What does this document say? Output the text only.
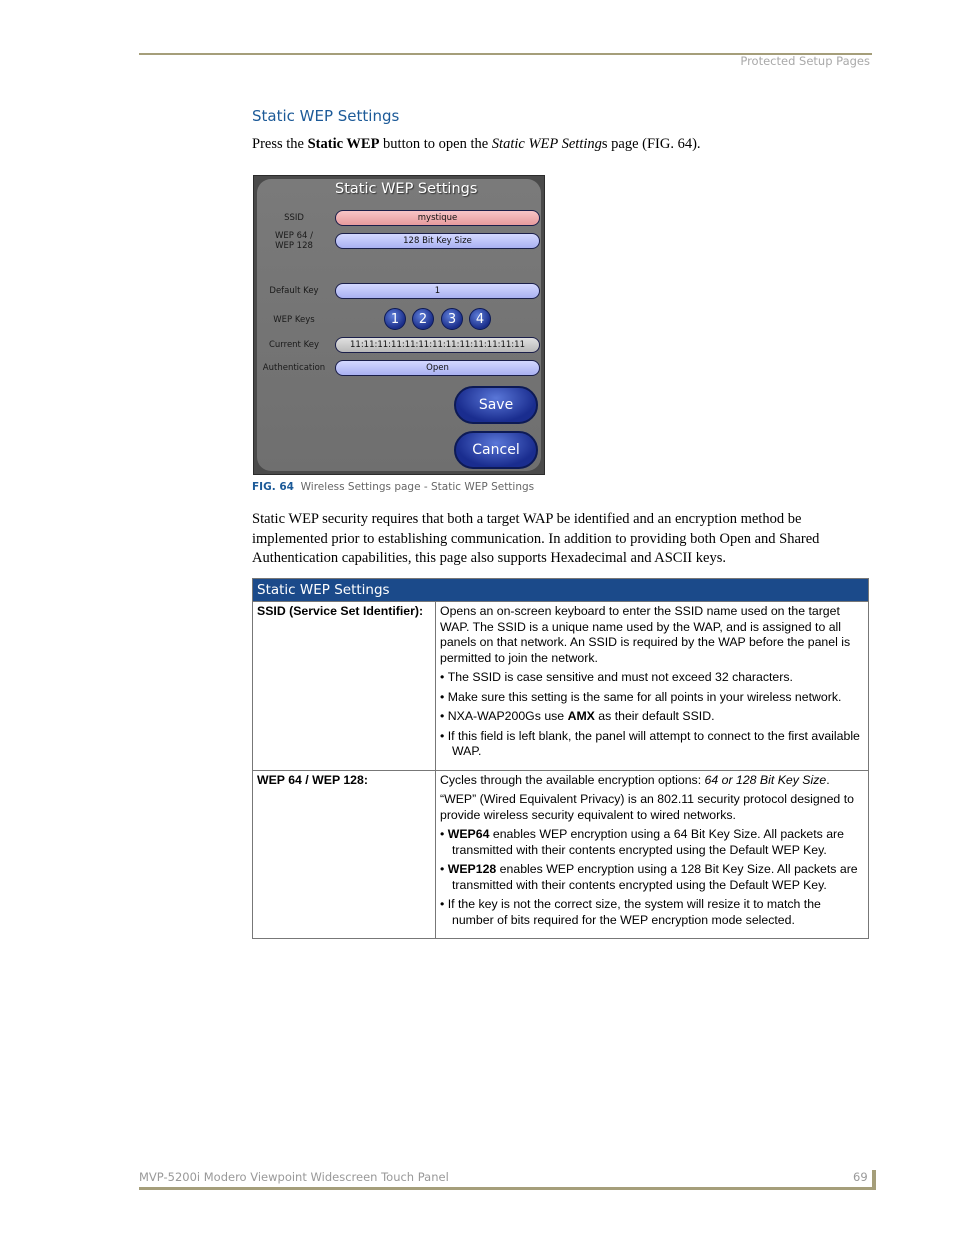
Protected Setup Pages
Static WEP Settings
Press the Static WEP button to open the Static WEP Settings page (FIG. 64).
Static WEP Settings
SSID	mystique
WEP 64 /
WEP 128	128 Bit Key Size
Default Key	1
WEP Keys	1	2	3	4
Current Key	11:11:11:11:11:11:11:11:11:11:11:11:11
Authentication	Open
Save
Cancel
FIG. 64 Wireless Settings page - Static WEP Settings
Static WEP security requires that both a target WAP be identified and an encryption method be implemented prior to establishing communication. In addition to providing both Open and Shared Authentication capabilities, this page also supports Hexadecimal and ASCII keys.
Static WEP Settings	
SSID (Service Set Identifier):	Opens an on-screen keyboard to enter the SSID name used on the target WAP. The SSID is a unique name used by the WAP, and is assigned to all panels on that network. An SSID is required by the WAP before the panel is permitted to join the network.

• The SSID is case sensitive and must not exceed 32 characters.

• Make sure this setting is the same for all points in your wireless network.

• NXA-WAP200Gs use AMX as their default SSID.

• If this field is left blank, the panel will attempt to connect to the first available WAP.

WEP 64 / WEP 128:	Cycles through the available encryption options: 64 or 128 Bit Key Size.

“WEP” (Wired Equivalent Privacy) is an 802.11 security protocol designed to provide wireless security equivalent to wired networks.

• WEP64 enables WEP encryption using a 64 Bit Key Size. All packets are transmitted with their contents encrypted using the Default WEP Key.

• WEP128 enables WEP encryption using a 128 Bit Key Size. All packets are transmitted with their contents encrypted using the Default WEP Key.

• If the key is not the correct size, the system will resize it to match the number of bits required for the WEP encryption mode selected.

MVP-5200i Modero Viewpoint Widescreen Touch Panel	69
